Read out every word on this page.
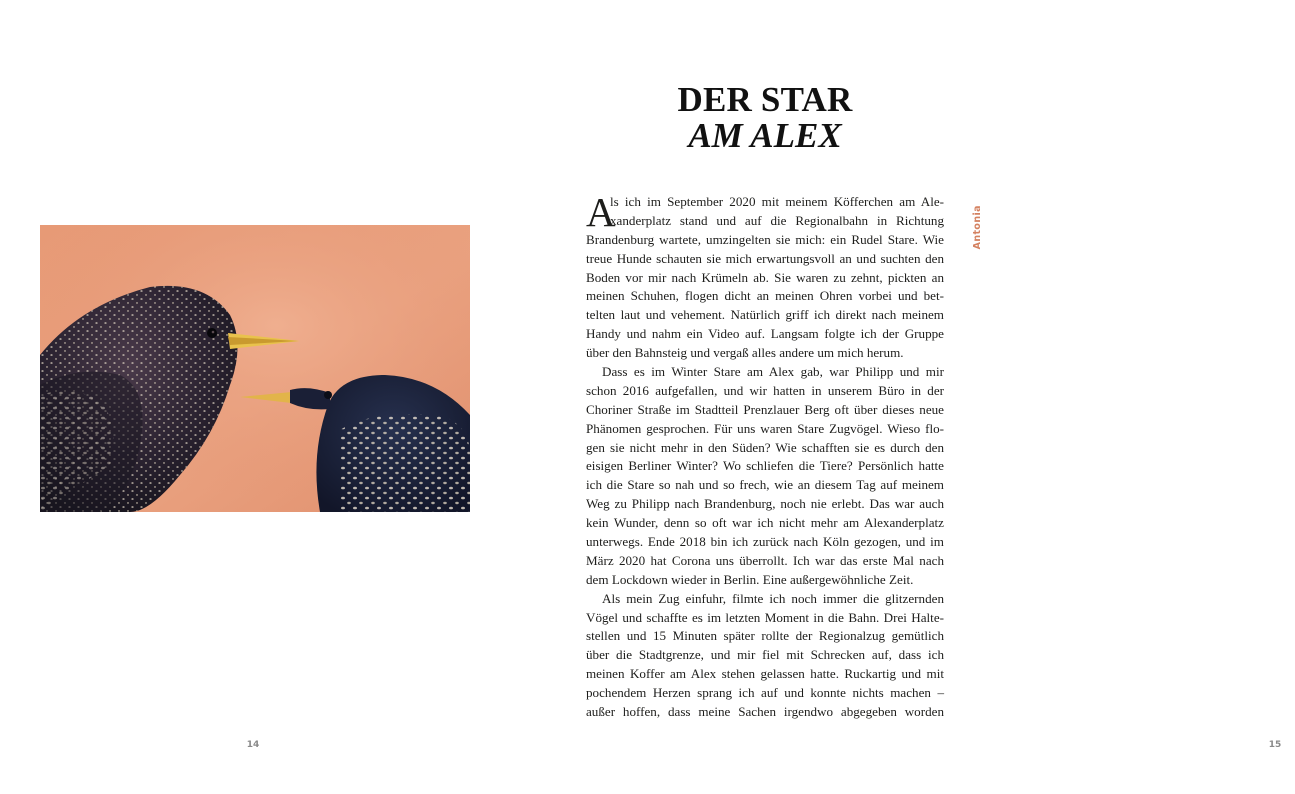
14
DER STAR
AM ALEX
Antonia
A
ls ich im September 2020 mit meinem Köfferchen am Ale-
xanderplatz stand und auf die Regionalbahn in Richtung
Brandenburg wartete, umzingelten sie mich: ein Rudel Stare. Wie
treue Hunde schauten sie mich erwartungsvoll an und suchten den
Boden vor mir nach Krümeln ab. Sie waren zu zehnt, pickten an
meinen Schuhen, flogen dicht an meinen Ohren vorbei und bet-
telten laut und vehement. Natürlich griff ich direkt nach meinem
Handy und nahm ein Video auf. Langsam folgte ich der Gruppe
über den Bahnsteig und vergaß alles andere um mich herum.
Dass es im Winter Stare am Alex gab, war Philipp und mir
schon 2016 aufgefallen, und wir hatten in unserem Büro in der
Choriner Straße im Stadtteil Prenzlauer Berg oft über dieses neue
Phänomen gesprochen. Für uns waren Stare Zugvögel. Wieso flo-
gen sie nicht mehr in den Süden? Wie schafften sie es durch den
eisigen Berliner Winter? Wo schliefen die Tiere? Persönlich hatte
ich die Stare so nah und so frech, wie an diesem Tag auf meinem
Weg zu Philipp nach Brandenburg, noch nie erlebt. Das war auch
kein Wunder, denn so oft war ich nicht mehr am Alexanderplatz
unterwegs. Ende 2018 bin ich zurück nach Köln gezogen, und im
März 2020 hat Corona uns überrollt. Ich war das erste Mal nach
dem Lockdown wieder in Berlin. Eine außergewöhnliche Zeit.
Als mein Zug einfuhr, filmte ich noch immer die glitzernden
Vögel und schaffte es im letzten Moment in die Bahn. Drei Halte-
stellen und 15 Minuten später rollte der Regionalzug gemütlich
über die Stadtgrenze, und mir fiel mit Schrecken auf, dass ich
meinen Koffer am Alex stehen gelassen hatte. Ruckartig und mit
pochendem Herzen sprang ich auf und konnte nichts machen –
außer hoffen, dass meine Sachen irgendwo abgegeben worden
15
